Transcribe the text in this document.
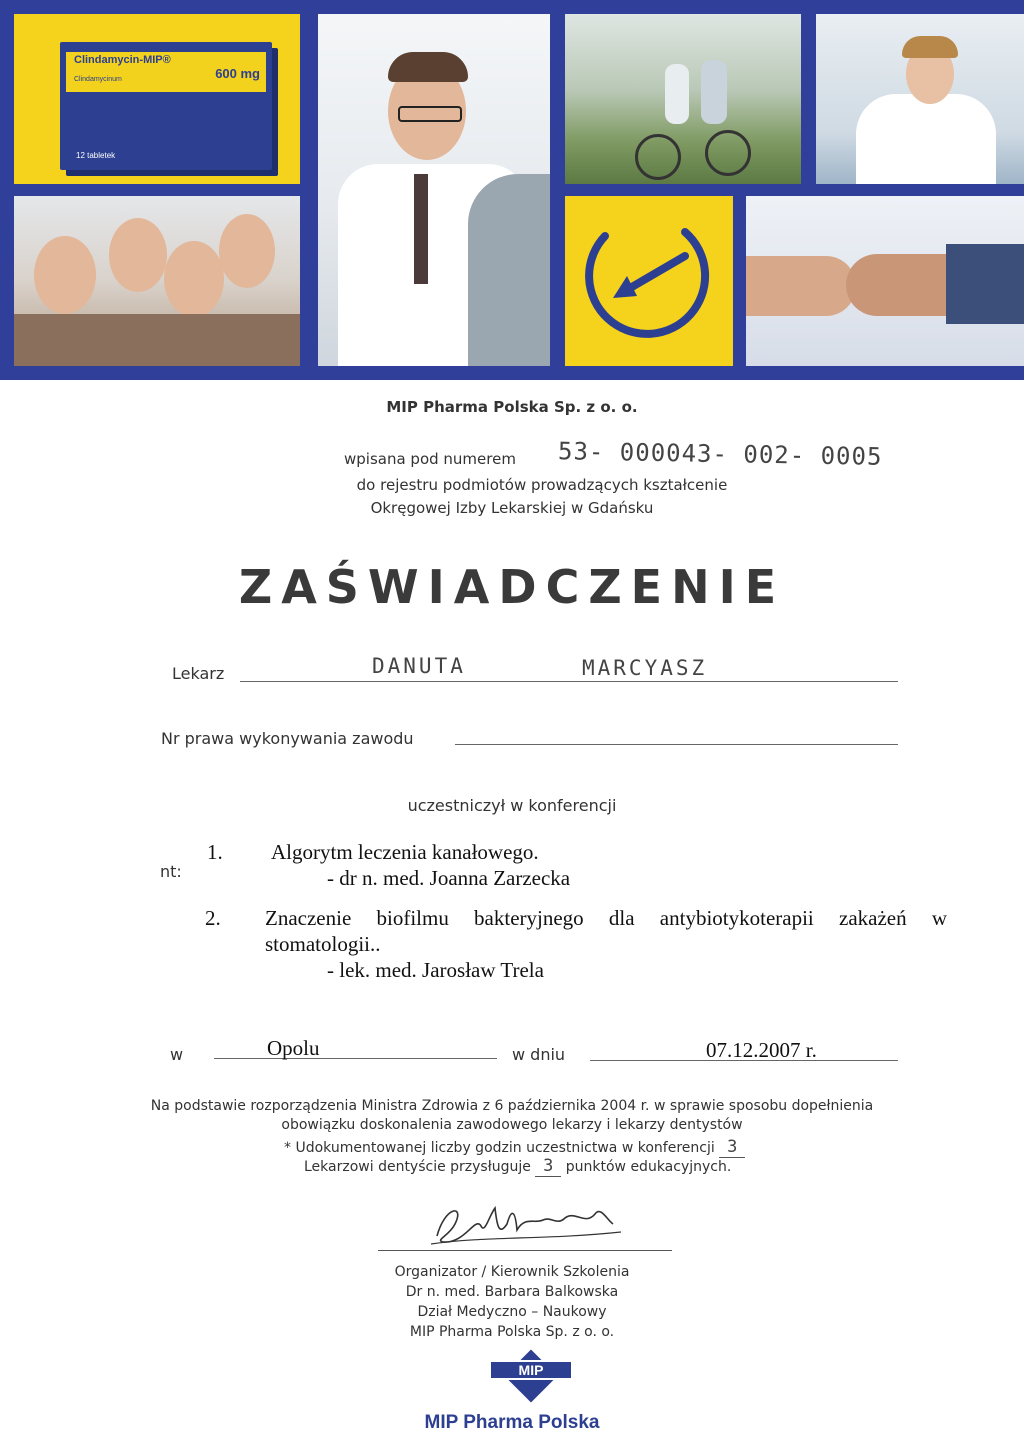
Clindamycin-MIP®
600 mg
Clindamycinum
12 tabletek
MIP Pharma Polska Sp. z o. o.
wpisana pod numerem 53- 000043- 002- 0005
do rejestru podmiotów prowadzących kształcenie
Okręgowej Izby Lekarskiej w Gdańsku
ZAŚWIADCZENIE
Lekarz	DANUTA	MARCYASZ
Nr prawa wykonywania zawodu
uczestniczył w konferencji
nt:
1. Algorytm leczenia kanałowego.
- dr n. med. Joanna Zarzecka
2. Znaczenie biofilmu bakteryjnego dla antybiotykoterapii zakażeń w
stomatologii..
- lek. med. Jarosław Trela
w	Opolu	w dniu	07.12.2007 r.
Na podstawie rozporządzenia Ministra Zdrowia z 6 października 2004 r. w sprawie sposobu dopełnienia
obowiązku doskonalenia zawodowego lekarzy i lekarzy dentystów
* Udokumentowanej liczby godzin uczestnictwa w konferencji 3
Lekarzowi dentyście przysługuje 3 punktów edukacyjnych.
Organizator / Kierownik Szkolenia
Dr n. med. Barbara Balkowska
Dział Medyczno – Naukowy
MIP Pharma Polska Sp. z o. o.
MIP
MIP Pharma Polska
